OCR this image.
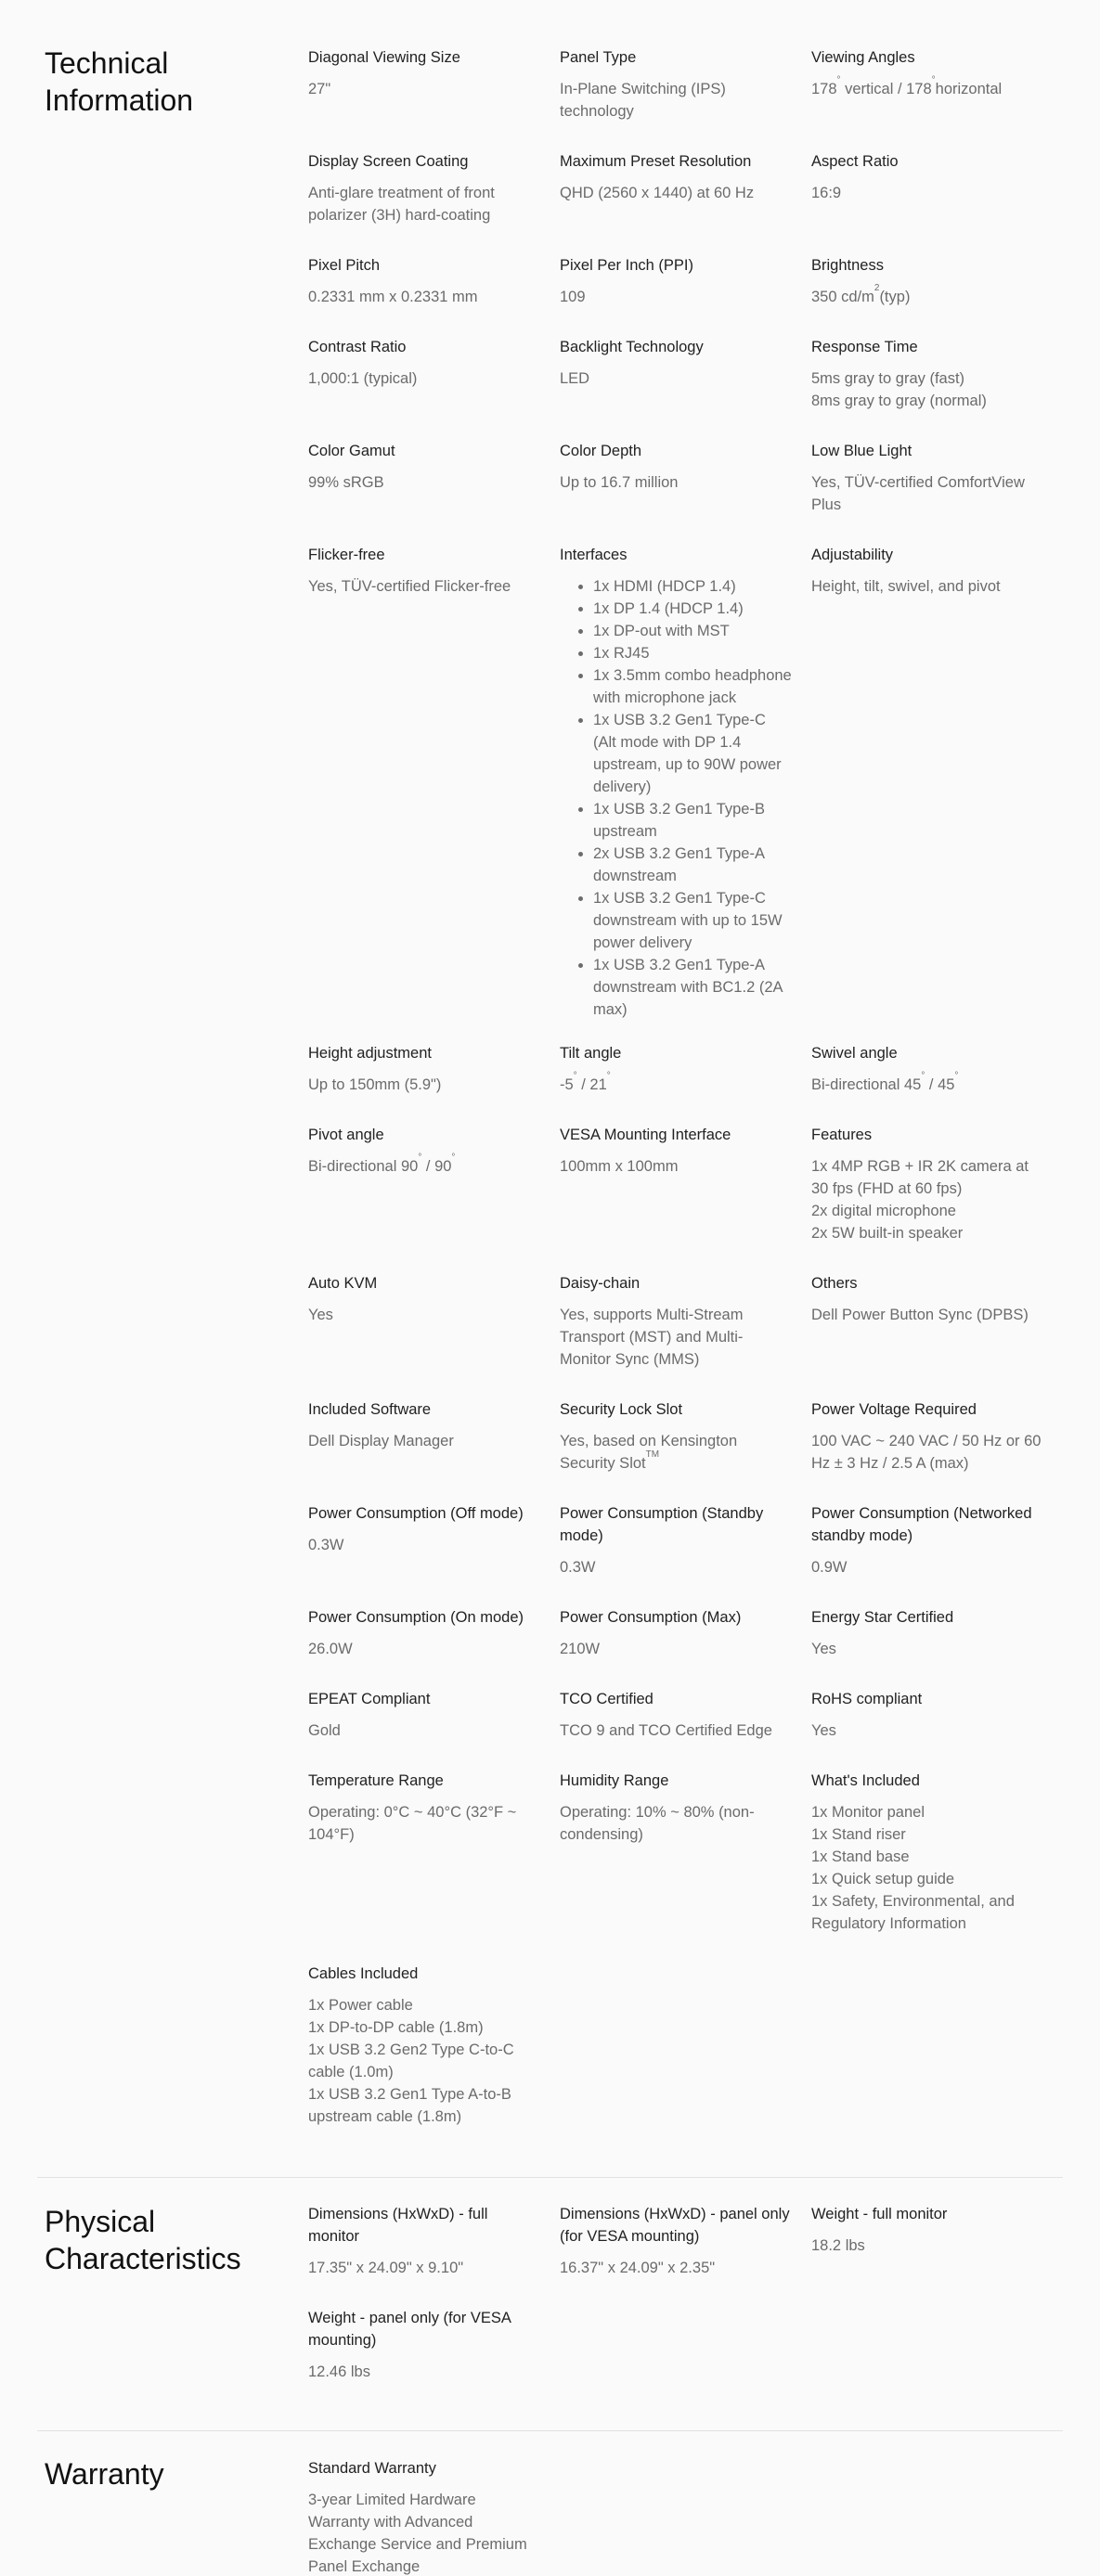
Technical Information
Diagonal Viewing Size
27"
Panel Type
In-Plane Switching (IPS) technology
Viewing Angles
178° vertical / 178°horizontal
Display Screen Coating
Anti-glare treatment of front polarizer (3H) hard-coating
Maximum Preset Resolution
QHD (2560 x 1440) at 60 Hz
Aspect Ratio
16:9
Pixel Pitch
0.2331 mm x 0.2331 mm
Pixel Per Inch (PPI)
109
Brightness
350 $cd/m^2(typ)$
Contrast Ratio
1,000:1 (typical)
Backlight Technology
LED
Response Time
5ms gray to gray (fast)
8ms gray to gray (normal)
Color Gamut
99% sRGB
Color Depth
Up to 16.7 million
Low Blue Light
Yes, TÜV-certified ComfortView Plus
Flicker-free
Yes, TÜV-certified Flicker-free
Interfaces
• 1x HDMI (HDCP 1.4)
• 1x DP 1.4 (HDCP 1.4)
• 1x DP-out with MST
• 1x RJ45
• 1x 3.5mm combo headphone with microphone jack
• 1x USB 3.2 Gen1 Type-C (Alt mode with DP 1.4 upstream, up to 90W power delivery)
• 1x USB 3.2 Gen1 Type-B upstream
• 2x USB 3.2 Gen1 Type-A downstream
• 1x USB 3.2 Gen1 Type-C downstream with up to 15W power delivery
• 1x USB 3.2 Gen1 Type-A downstream with BC1.2 (2A max)
Adjustability
Height, tilt, swivel, and pivot
Height adjustment
Up to 150mm (5.9")
Tilt angle
-5° / 21°
Swivel angle
Bi-directional 45° / 45°
Pivot angle
Bi-directional 90° / 90°
VESA Mounting Interface
100mm x 100mm
Features
1x 4MP RGB + IR 2K camera at 30 fps (FHD at 60 fps)
2x digital microphone
2x 5W built-in speaker
Auto KVM
Yes
Daisy-chain
Yes, supports Multi-Stream Transport (MST) and Multi-Monitor Sync (MMS)
Others
Dell Power Button Sync (DPBS)
Included Software
Dell Display Manager
Security Lock Slot
Yes, based on Kensington Security Slot™
Power Voltage Required
100 VAC ~ 240 VAC / 50 Hz or 60 Hz ± 3 Hz / 2.5 A (max)
Power Consumption (Off mode)
0.3W
Power Consumption (Standby mode)
0.3W
Power Consumption (Networked standby mode)
0.9W
Power Consumption (On mode)
26.0W
Power Consumption (Max)
210W
Energy Star Certified
Yes
EPEAT Compliant
Gold
TCO Certified
TCO 9 and TCO Certified Edge
RoHS compliant
Yes
Temperature Range
Operating: 0°C ~ 40°C (32°F ~ 104°F)
Humidity Range
Operating: 10% ~ 80% (non-condensing)
What's Included
1x Monitor panel
1x Stand riser
1x Stand base
1x Quick setup guide
1x Safety, Environmental, and Regulatory Information
Cables Included
1x Power cable
1x DP-to-DP cable (1.8m)
1x USB 3.2 Gen2 Type C-to-C cable (1.0m)
1x USB 3.2 Gen1 Type A-to-B upstream cable (1.8m)
Physical Characteristics
Dimensions (HxWxD) - full monitor
17.35" x 24.09" x 9.10"
Dimensions (HxWxD) - panel only (for VESA mounting)
16.37" x 24.09" x 2.35"
Weight - full monitor
18.2 lbs
Weight - panel only (for VESA mounting)
12.46 lbs
Warranty	Standard Warranty
3-year Limited Hardware Warranty with Advanced Exchange Service and Premium Panel Exchange
